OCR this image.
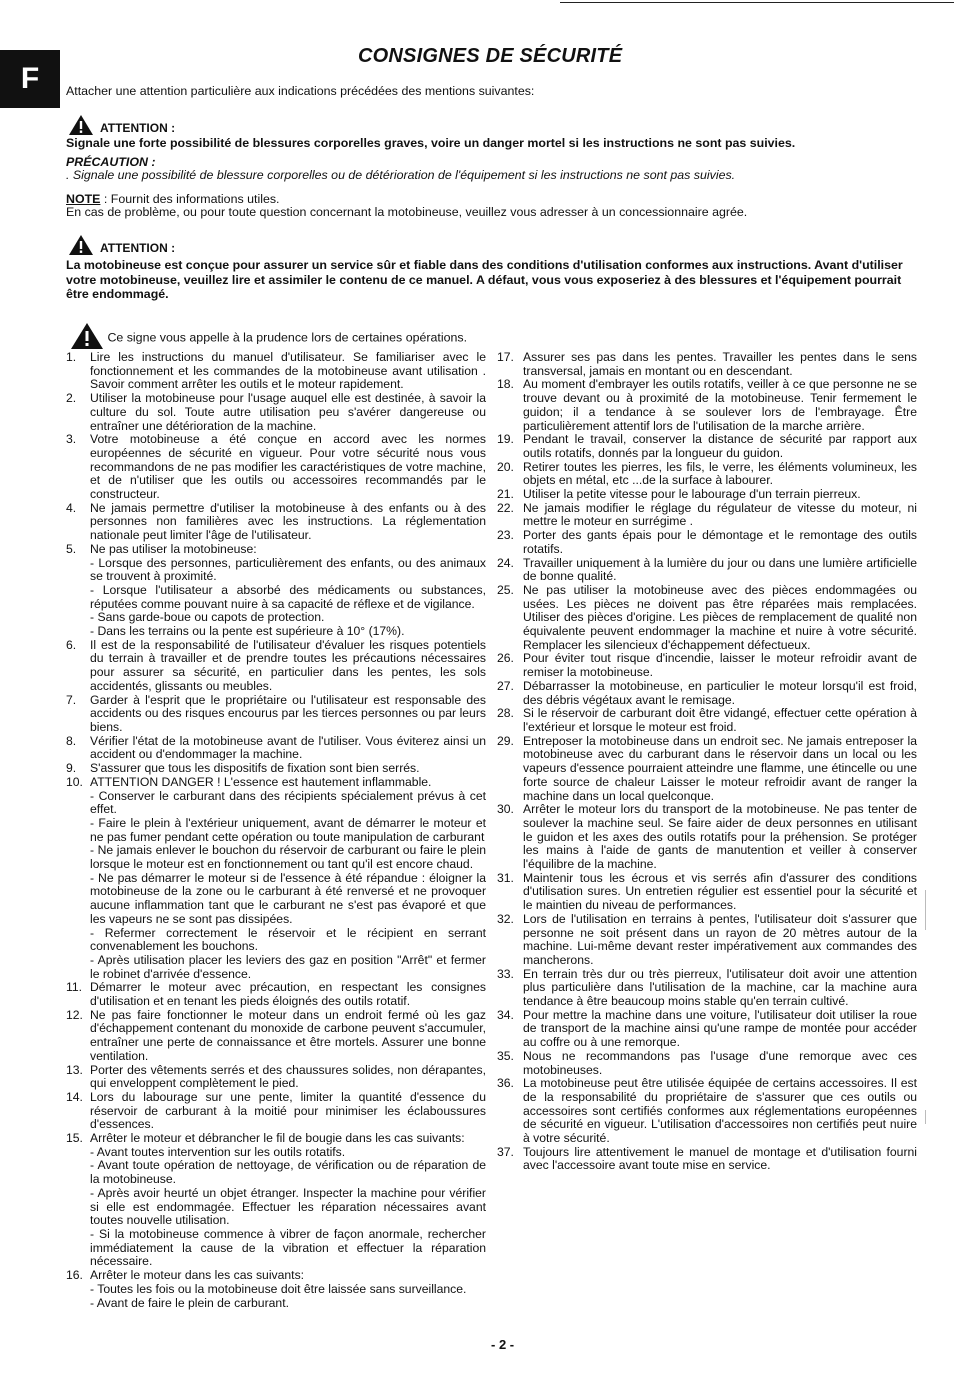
F
CONSIGNES DE SÉCURITÉ
Attacher une attention particulière aux indications précédées des mentions suivantes:
ATTENTION :
Signale une forte possibilité de blessures corporelles graves, voire un danger mortel si les instructions ne sont pas suivies.
PRÉCAUTION :
. Signale une possibilité de blessure corporelles ou de détérioration de l'équipement si les instructions ne sont pas suivies.
NOTE : Fournit des informations utiles.
En cas de problème, ou pour toute question concernant la motobineuse, veuillez vous adresser à un concessionnaire agrée.
ATTENTION :
La motobineuse est conçue pour assurer un service sûr et fiable dans des conditions d'utilisation conformes aux instructions. Avant d'utiliser votre motobineuse, veuillez lire et assimiler le contenu de ce manuel. A défaut, vous vous exposeriez à des blessures et l'équipement pourrait être endommagé.
Ce signe vous appelle à la prudence lors de certaines opérations.
1.	Lire les instructions du manuel d'utilisateur. Se familiariser avec le fonctionnement et les commandes de la motobineuse avant utilisation . Savoir comment arrêter les outils et le moteur rapidement.

2.	Utiliser la motobineuse pour l'usage auquel elle est destinée, à savoir la culture du sol. Toute autre utilisation peu s'avérer dangereuse ou entraîner une détérioration de la machine.

3.	Votre motobineuse a été conçue en accord avec les normes européennes de sécurité en vigueur. Pour votre sécurité nous vous recommandons de ne pas modifier les caractéristiques de votre machine, et de n'utiliser que les outils ou accessoires recommandés par le constructeur.

4.	Ne jamais permettre d'utiliser la motobineuse à des enfants ou à des personnes non familières avec les instructions. La réglementation nationale peut limiter l'âge de l'utilisateur.

5.	Ne pas utiliser la motobineuse:

- Lorsque des personnes, particulièrement des enfants, ou des animaux se trouvent à proximité.

- Lorsque l'utilisateur a absorbé des médicaments ou substances, réputées comme pouvant nuire à sa capacité de réflexe et de vigilance.

- Sans garde-boue ou capots de protection.

- Dans les terrains ou la pente est supérieure à 10° (17%).

6.	Il est de la responsabilité de l'utilisateur d'évaluer les risques potentiels du terrain à travailler et de prendre toutes les précautions nécessaires pour assurer sa sécurité, en particulier dans les pentes, les sols accidentés, glissants ou meubles.

7.	Garder à l'esprit que le propriétaire ou l'utilisateur est responsable des accidents ou des risques encourus par les tierces personnes ou par leurs biens.

8.	Vérifier l'état de la motobineuse avant de l'utiliser. Vous éviterez ainsi un accident ou d'endommager la machine.

9.	S'assurer que tous les dispositifs de fixation sont bien serrés.

10. ATTENTION DANGER ! L'essence est hautement inflammable.

- Conserver le carburant dans des récipients spécialement prévus à cet effet.

- Faire le plein à l'extérieur uniquement, avant de démarrer le moteur et ne pas fumer pendant cette opération ou toute manipulation de carburant

- Ne jamais enlever le bouchon du réservoir de carburant ou faire le plein lorsque le moteur est en fonctionnement ou tant qu'il est encore chaud.

- Ne pas démarrer le moteur si de l'essence à été répandue : éloigner la motobineuse de la zone ou le carburant à été renversé et ne provoquer aucune inflammation tant que le carburant ne s'est pas évaporé et que les vapeurs ne se sont pas dissipées.

- Refermer correctement le réservoir et le récipient en serrant convenablement les bouchons.

- Après utilisation placer les leviers des gaz en position "Arrêt" et fermer le robinet d'arrivée d'essence.

11. Démarrer le moteur avec précaution, en respectant les consignes d'utilisation et en tenant les pieds éloignés des outils rotatif.

12. Ne pas faire fonctionner le moteur dans un endroit fermé où les gaz d'échappement contenant du monoxide de carbone peuvent s'accumuler, entraîner une perte de connaissance et être mortels. Assurer une bonne ventilation.

13. Porter des vêtements serrés et des chaussures solides, non dérapantes, qui enveloppent complètement le pied.

14. Lors du labourage sur une pente, limiter la quantité d'essence du réservoir de carburant à la moitié pour minimiser les éclaboussures d'essences.

15. Arrêter le moteur et débrancher le fil de bougie dans les cas suivants:

- Avant toutes intervention sur les outils rotatifs.

- Avant toute opération de nettoyage, de vérification ou de réparation de la motobineuse.

- Après avoir heurté un objet étranger. Inspecter la machine pour vérifier si elle est endommagée. Effectuer les réparation nécessaires avant toutes nouvelle utilisation.

- Si la motobineuse commence à vibrer de façon anormale, rechercher immédiatement la cause de la vibration et effectuer la réparation nécessaire.

16. Arrêter le moteur dans les cas suivants:

- Toutes les fois ou la motobineuse doit être laissée sans surveillance.

- Avant de faire le plein de carburant.

17. Assurer ses pas dans les pentes. Travailler les pentes dans le sens transversal, jamais en montant ou en descendant.

18. Au moment d'embrayer les outils rotatifs, veiller à ce que personne ne se trouve devant ou à proximité de la motobineuse. Tenir fermement le guidon; il a tendance à se soulever lors de l'embrayage. Être particulièrement attentif lors de l'utilisation de la marche arrière.

19. Pendant le travail, conserver la distance de sécurité par rapport aux outils rotatifs, donnés par la longueur du guidon.

20. Retirer toutes les pierres, les fils, le verre, les éléments volumineux, les objets en métal, etc ...de la surface à labourer.

21. Utiliser la petite vitesse pour le labourage d'un terrain pierreux.

22. Ne jamais modifier le réglage du régulateur de vitesse du moteur, ni mettre le moteur en surrégime .

23. Porter des gants épais pour le démontage et le remontage des outils rotatifs.

24. Travailler uniquement à la lumière du jour ou dans une lumière artificielle de bonne qualité.

25. Ne pas utiliser la motobineuse avec des pièces endommagées ou usées. Les pièces ne doivent pas être réparées mais remplacées. Utiliser des pièces d'origine. Les pièces de remplacement de qualité non équivalente peuvent endommager la machine et nuire à votre sécurité. Remplacer les silencieux d'échappement défectueux.

26. Pour éviter tout risque d'incendie, laisser le moteur refroidir avant de remiser la motobineuse.

27. Débarrasser la motobineuse, en particulier le moteur lorsqu'il est froid, des débris végétaux avant le remisage.

28. Si le réservoir de carburant doit être vidangé, effectuer cette opération à l'extérieur et lorsque le moteur est froid.

29. Entreposer la motobineuse dans un endroit sec. Ne jamais entreposer la motobineuse avec du carburant dans le réservoir dans un local ou les vapeurs d'essence pourraient atteindre une flamme, une étincelle ou une forte source de chaleur Laisser le moteur refroidir avant de ranger la machine dans un local quelconque.

30. Arrêter le moteur lors du transport de la motobineuse. Ne pas tenter de soulever la machine seul. Se faire aider de deux personnes en utilisant le guidon et les axes des outils rotatifs pour la préhension. Se protéger les mains à l'aide de gants de manutention et veiller à conserver l'équilibre de la machine.

31. Maintenir tous les écrous et vis serrés afin d'assurer des conditions d'utilisation sures. Un entretien régulier est essentiel pour la sécurité et le maintien du niveau de performances.

32. Lors de l'utilisation en terrains à pentes, l'utilisateur doit s'assurer que personne ne soit présent dans un rayon de 20 mètres autour de la machine. Lui-même devant rester impérativement aux commandes des mancherons.

33. En terrain très dur ou très pierreux, l'utilisateur doit avoir une attention plus particulière dans l'utilisation de la machine, car la machine aura tendance à être beaucoup moins stable qu'en terrain cultivé.

34. Pour mettre la machine dans une voiture, l'utilisateur doit utiliser la roue de transport de la machine ainsi qu'une rampe de montée pour accéder au coffre ou à une remorque.

35. Nous ne recommandons pas l'usage d'une remorque avec ces motobineuses.

36. La motobineuse peut être utilisée équipée de certains accessoires. Il est de la responsabilité du propriétaire de s'assurer que ces outils ou accessoires sont certifiés conformes aux réglementations européennes de sécurité en vigueur. L'utilisation d'accessoires non certifiés peut nuire à votre sécurité.

37. Toujours lire attentivement le manuel de montage et d'utilisation fourni avec l'accessoire avant toute mise en service.

- 2 -
